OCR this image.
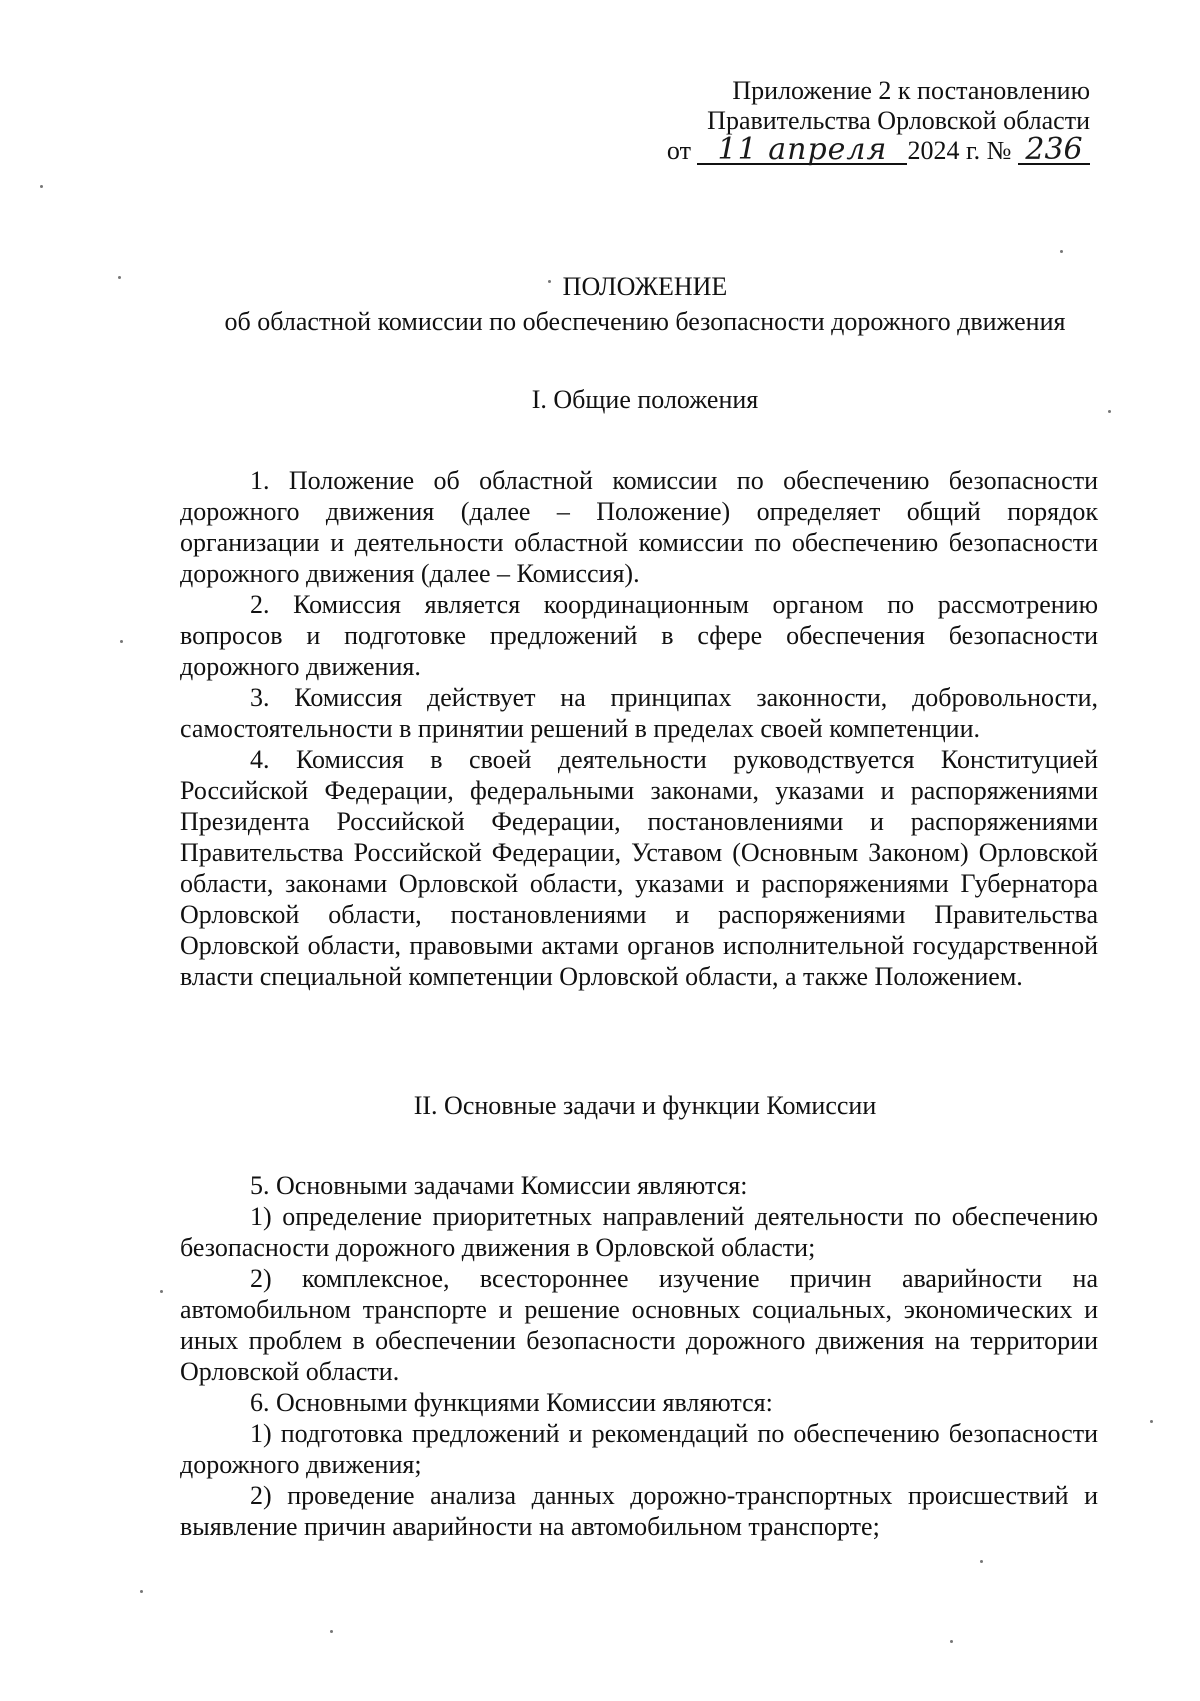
Приложение 2 к постановлению
Правительства Орловской области
от 11 апреля 2024 г. № 236
ПОЛОЖЕНИЕ
об областной комиссии по обеспечению безопасности дорожного движения
I. Общие положения

1. Положение об областной комиссии по обеспечению безопасности дорожного движения (далее – Положение) определяет общий порядок организации и деятельности областной комиссии по обеспечению безопасности дорожного движения (далее – Комиссия).

2. Комиссия является координационным органом по рассмотрению вопросов и подготовке предложений в сфере обеспечения безопасности дорожного движения.

3. Комиссия действует на принципах законности, добровольности, самостоятельности в принятии решений в пределах своей компетенции.

4. Комиссия в своей деятельности руководствуется Конституцией Российской Федерации, федеральными законами, указами и распоряжениями Президента Российской Федерации, постановлениями и распоряжениями Правительства Российской Федерации, Уставом (Основным Законом) Орловской области, законами Орловской области, указами и распоряжениями Губернатора Орловской области, постановлениями и распоряжениями Правительства Орловской области, правовыми актами органов исполнительной государственной власти специальной компетенции Орловской области, а также Положением.

II. Основные задачи и функции Комиссии

5. Основными задачами Комиссии являются:

1) определение приоритетных направлений деятельности по обеспечению безопасности дорожного движения в Орловской области;

2) комплексное, всестороннее изучение причин аварийности на автомобильном транспорте и решение основных социальных, экономических и иных проблем в обеспечении безопасности дорожного движения на территории Орловской области.

6. Основными функциями Комиссии являются:

1) подготовка предложений и рекомендаций по обеспечению безопасности дорожного движения;

2) проведение анализа данных дорожно-транспортных происшествий и выявление причин аварийности на автомобильном транспорте;
